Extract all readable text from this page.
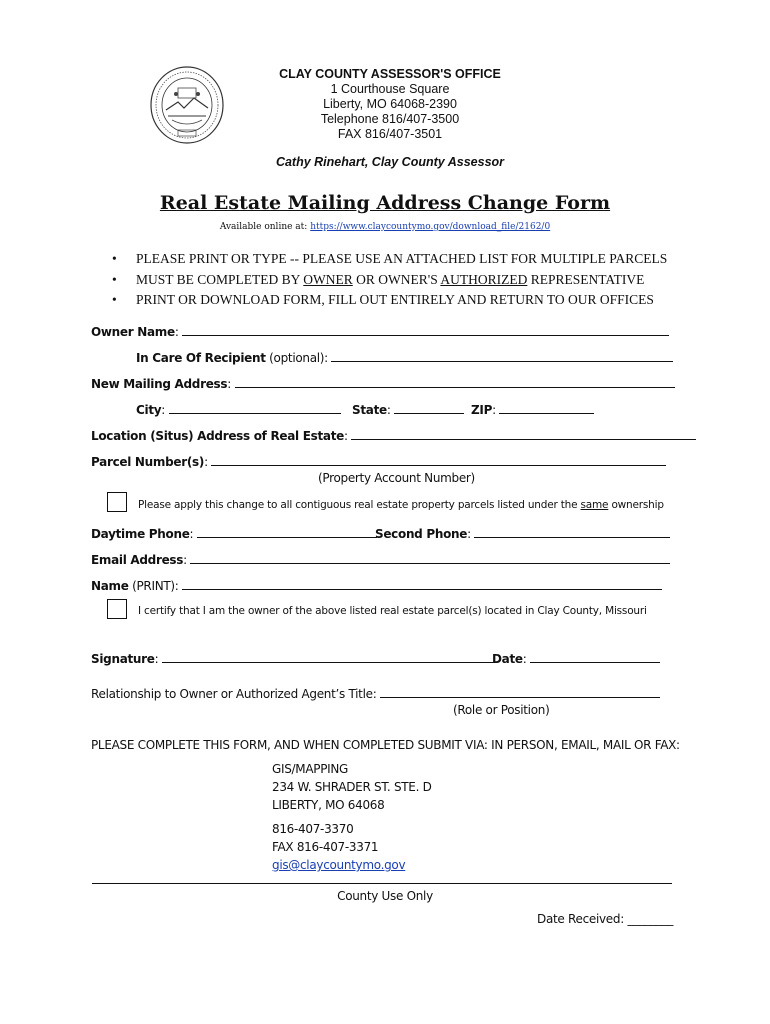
CLAY COUNTY ASSESSOR'S OFFICE
1 Courthouse Square
Liberty, MO 64068-2390
Telephone 816/407-3500
FAX 816/407-3501
Cathy Rinehart, Clay County Assessor
Real Estate Mailing Address Change Form
Available online at: https://www.claycountymo.gov/download_file/2162/0
• PLEASE PRINT OR TYPE -- PLEASE USE AN ATTACHED LIST FOR MULTIPLE PARCELS
• MUST BE COMPLETED BY OWNER OR OWNER'S AUTHORIZED REPRESENTATIVE
• PRINT OR DOWNLOAD FORM, FILL OUT ENTIRELY AND RETURN TO OUR OFFICES
Owner Name:
In Care Of Recipient (optional):
New Mailing Address:
City:	State:	ZIP:
Location (Situs) Address of Real Estate:
Parcel Number(s):
(Property Account Number)
Please apply this change to all contiguous real estate property parcels listed under the same ownership
Daytime Phone:	Second Phone:
Email Address:
Name (PRINT):
I certify that I am the owner of the above listed real estate parcel(s) located in Clay County, Missouri
Signature:	Date:
Relationship to Owner or Authorized Agent’s Title:
(Role or Position)
PLEASE COMPLETE THIS FORM, AND WHEN COMPLETED SUBMIT VIA: IN PERSON, EMAIL, MAIL OR FAX:
GIS/MAPPING
234 W. SHRADER ST. STE. D
LIBERTY, MO 64068
816-407-3370
FAX 816-407-3371
gis@claycountymo.gov
County Use Only
Date Received: ________
